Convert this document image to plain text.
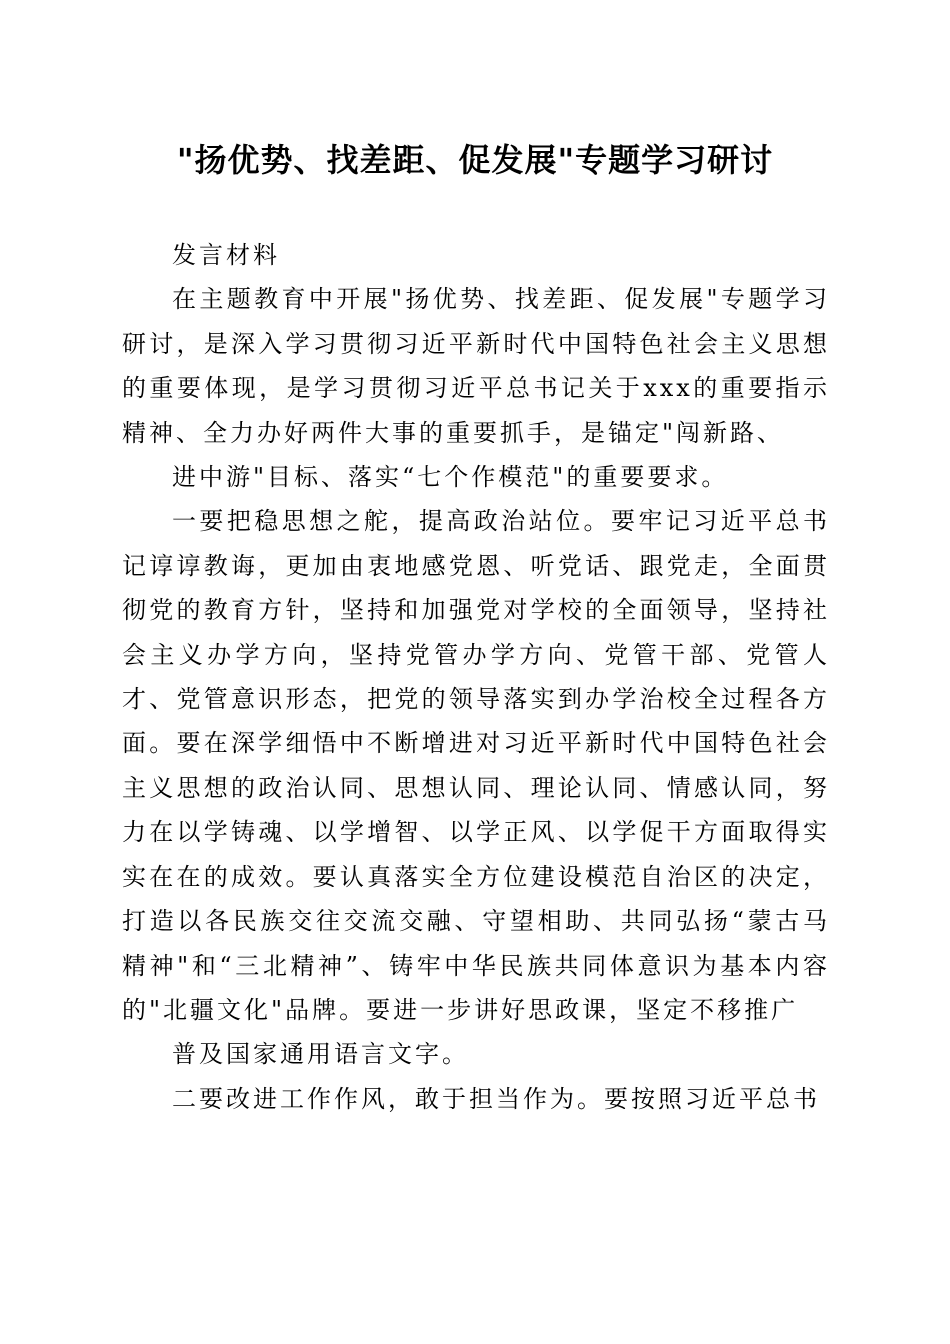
"扬优势、找差距、促发展"专题学习研讨

发言材料

在主题教育中开展"扬优势、找差距、促发展"专题学习研讨，是深入学习贯彻习近平新时代中国特色社会主义思想的重要体现，是学习贯彻习近平总书记关于xxx的重要指示精神、全力办好两件大事的重要抓手，是锚定"闯新路、

进中游"目标、落实“七个作模范"的重要要求。

一要把稳思想之舵，提高政治站位。要牢记习近平总书记谆谆教诲，更加由衷地感党恩、听党话、跟党走，全面贯彻党的教育方针，坚持和加强党对学校的全面领导，坚持社会主义办学方向，坚持党管办学方向、党管干部、党管人才、党管意识形态，把党的领导落实到办学治校全过程各方面。要在深学细悟中不断增进对习近平新时代中国特色社会主义思想的政治认同、思想认同、理论认同、情感认同，努力在以学铸魂、以学增智、以学正风、以学促干方面取得实实在在的成效。要认真落实全方位建设模范自治区的决定，打造以各民族交往交流交融、守望相助、共同弘扬“蒙古马精神"和“三北精神”、铸牢中华民族共同体意识为基本内容的"北疆文化"品牌。要进一步讲好思政课，坚定不移推广

普及国家通用语言文字。

二要改进工作作风，敢于担当作为。要按照习近平总书
